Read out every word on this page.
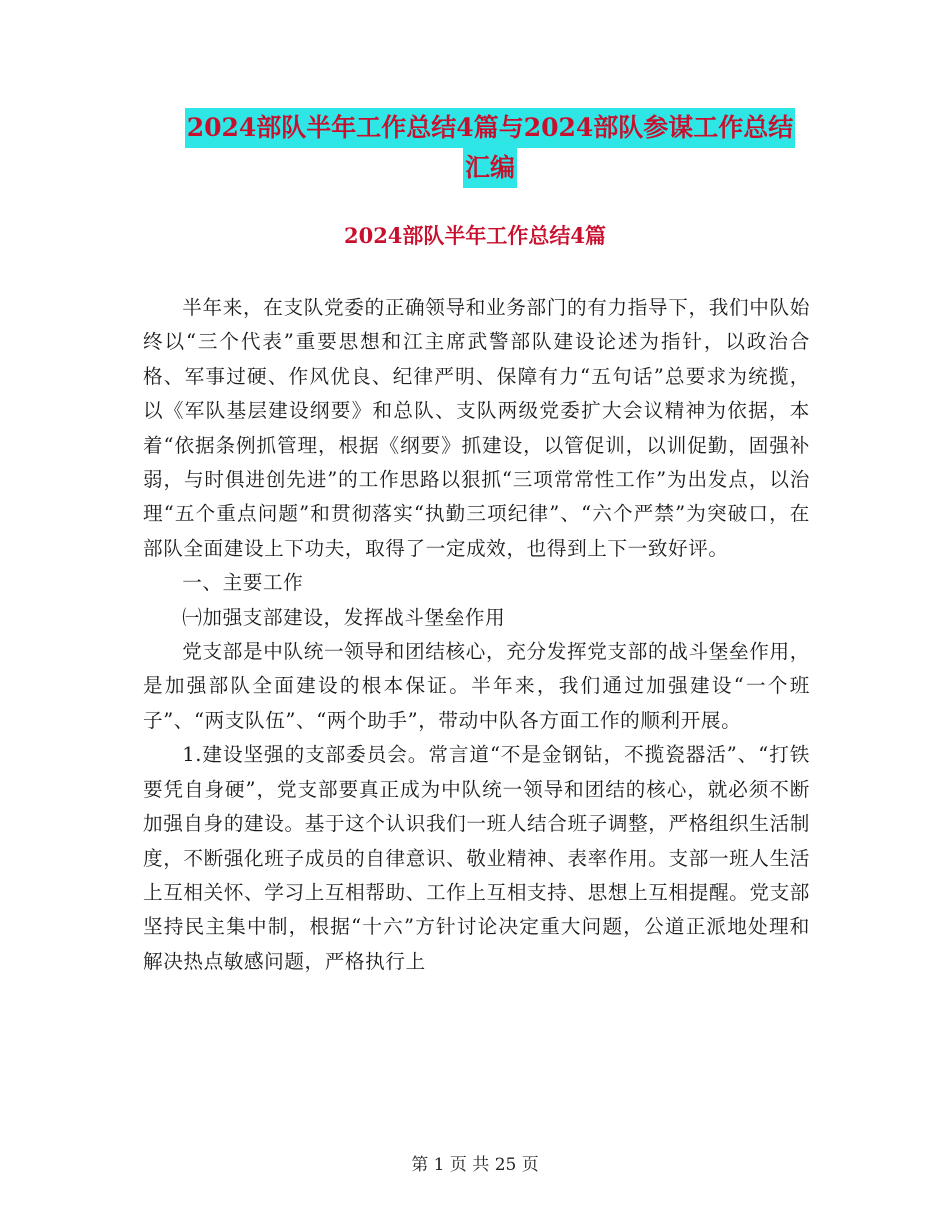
2024部队半年工作总结4篇与2024部队参谋工作总结
汇编
2024部队半年工作总结4篇

半年来，在支队党委的正确领导和业务部门的有力指导下，我们中队始终以“三个代表”重要思想和江主席武警部队建设论述为指针，以政治合格、军事过硬、作风优良、纪律严明、保障有力“五句话”总要求为统揽，以《军队基层建设纲要》和总队、支队两级党委扩大会议精神为依据，本着“依据条例抓管理，根据《纲要》抓建设，以管促训，以训促勤，固强补弱，与时俱进创先进”的工作思路以狠抓“三项常常性工作”为出发点，以治理“五个重点问题”和贯彻落实“执勤三项纪律”、“六个严禁”为突破口，在部队全面建设上下功夫，取得了一定成效，也得到上下一致好评。

一、主要工作

㈠加强支部建设，发挥战斗堡垒作用

党支部是中队统一领导和团结核心，充分发挥党支部的战斗堡垒作用，是加强部队全面建设的根本保证。半年来，我们通过加强建设“一个班子”、“两支队伍”、“两个助手”，带动中队各方面工作的顺利开展。

1.建设坚强的支部委员会。常言道“不是金钢钻，不揽瓷器活”、“打铁要凭自身硬”，党支部要真正成为中队统一领导和团结的核心，就必须不断加强自身的建设。基于这个认识我们一班人结合班子调整，严格组织生活制度，不断强化班子成员的自律意识、敬业精神、表率作用。支部一班人生活上互相关怀、学习上互相帮助、工作上互相支持、思想上互相提醒。党支部坚持民主集中制，根据“十六”方针讨论决定重大问题，公道正派地处理和解决热点敏感问题，严格执行上

第 1 页 共 25 页
